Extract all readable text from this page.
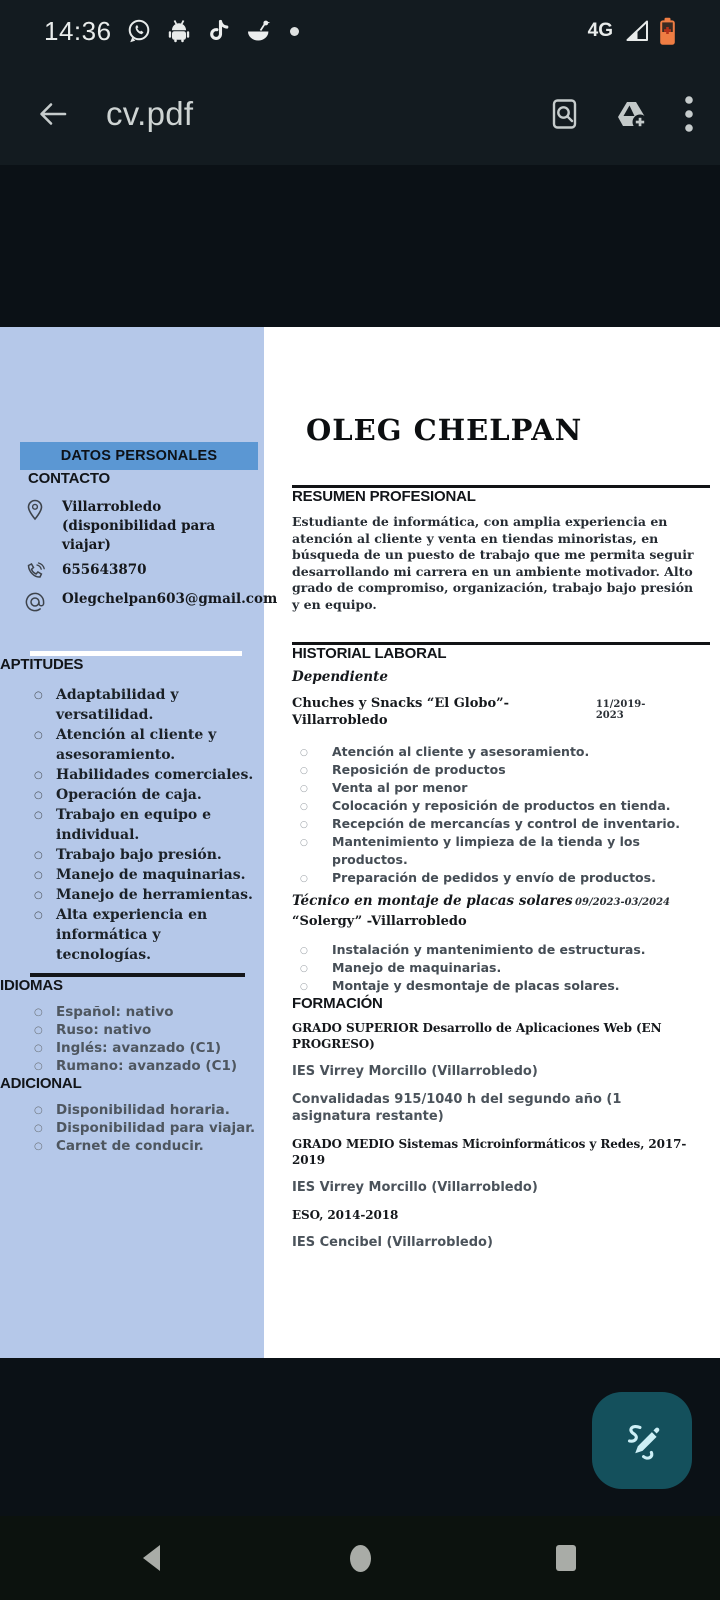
14:36	4G
cv.pdf
DATOS PERSONALES
CONTACTO
Villarrobledo (disponibilidad para viajar)
655643870
Olegchelpan603@gmail.com
APTITUDES
○ Adaptabilidad y versatilidad.
○ Atención al cliente y asesoramiento.
○ Habilidades comerciales.
○ Operación de caja.
○ Trabajo en equipo e individual.
○ Trabajo bajo presión.
○ Manejo de maquinarias.
○ Manejo de herramientas.
○ Alta experiencia en informática y tecnologías.
IDIOMAS
○ Español: nativo
○ Ruso: nativo
○ Inglés: avanzado (C1)
○ Rumano: avanzado (C1)
ADICIONAL
○ Disponibilidad horaria.
○ Disponibilidad para viajar.
○ Carnet de conducir.
OLEG CHELPAN
RESUMEN PROFESIONAL

Estudiante de informática, con amplia experiencia en atención al cliente y venta en tiendas minoristas, en búsqueda de un puesto de trabajo que me permita seguir desarrollando mi carrera en un ambiente motivador. Alto grado de compromiso, organización, trabajo bajo presión y en equipo.

HISTORIAL LABORAL

Dependiente

Chuches y Snacks “El Globo”- Villarrobledo
11/2019-2023
○ Atención al cliente y asesoramiento.
○ Reposición de productos
○ Venta al por menor
○ Colocación y reposición de productos en tienda.
○ Recepción de mercancías y control de inventario.
○ Mantenimiento y limpieza de la tienda y los productos.
○ Preparación de pedidos y envío de productos.
Técnico en montaje de placas solares 09/2023-03/2024

“Solergy” -Villarrobledo

○ Instalación y mantenimiento de estructuras.
○ Manejo de maquinarias.
○ Montaje y desmontaje de placas solares.
FORMACIÓN

GRADO SUPERIOR Desarrollo de Aplicaciones Web (EN PROGRESO)

IES Virrey Morcillo (Villarrobledo)

Convalidadas 915/1040 h del segundo año (1 asignatura restante)

GRADO MEDIO Sistemas Microinformáticos y Redes, 2017-2019

IES Virrey Morcillo (Villarrobledo)

ESO, 2014-2018

IES Cencibel (Villarrobledo)
